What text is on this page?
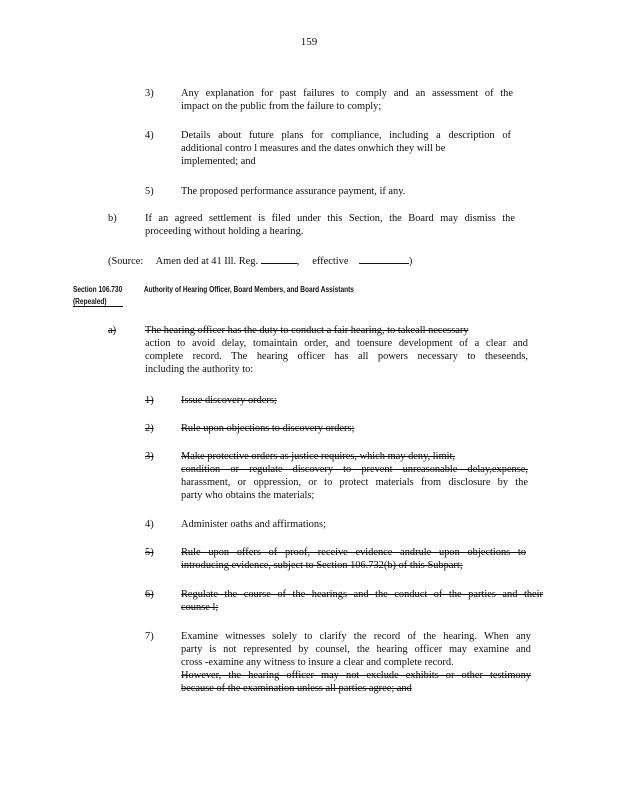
159
3)	Any explanation for past failures to comply and an assessment of the
impact on the public from the failure to comply;
4)	Details about future plans for compliance, including a description of
additional contro l measures and the dates onwhich they will be
implemented; and
5)	The proposed performance assurance payment, if any.
b)	If an agreed settlement is filed under this Section, the Board may dismiss the
proceeding without holding a hearing.
(Source: Amen ded at 41 Ill. Reg.	, effective	)
Section 106.730	Authority of Hearing Officer, Board Members, and Board Assistants
(Repealed)
a)	The hearing officer has the duty to conduct a fair hearing, to takeall necessary
action to avoid delay, tomaintain order, and toensure development of a clear and
complete record. The hearing officer has all powers necessary to theseends,
including the authority to:
1)	Issue discovery orders;
2)	Rule upon objections to discovery orders;
3)	Make protective orders as justice requires, which may deny, limit,
condition or regulate discovery to prevent unreasonable delay,expense,
harassment, or oppression, or to protect materials from disclosure by the
party who obtains the materials;
4)	Administer oaths and affirmations;
5)	Rule upon offers of proof, receive evidence andrule upon objections to
introducing evidence, subject to Section 106.732(b) of this Subpart;
6)	Regulate the course of the hearings and the conduct of the parties and their
counse l;
7)	Examine witnesses solely to clarify the record of the hearing. When any
party is not represented by counsel, the hearing officer may examine and
cross -examine any witness to insure a clear and complete record.
However, the hearing officer may not exclude exhibits or other testimony
because of the examination unless all parties agree; and
